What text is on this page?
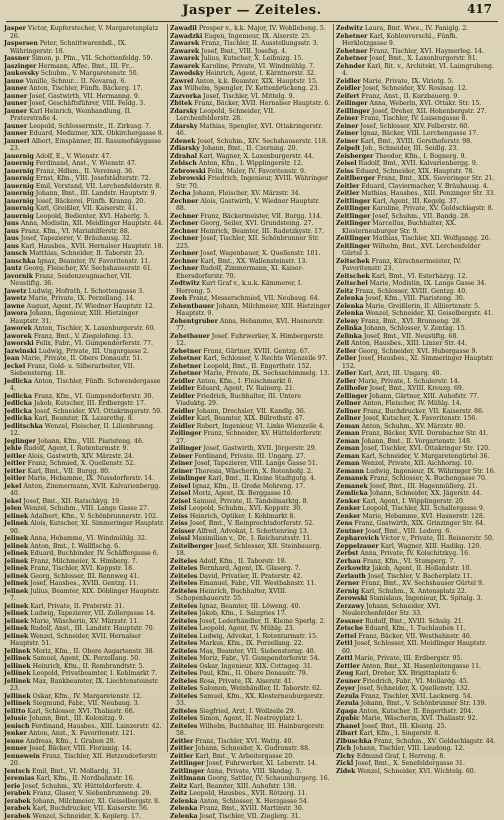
Jasper — Zeiteles.	417
Jasper Victor, Kupferstecher, V. Margaretenplatz 26.
Jaspersen Peter, Schnittwarenhdl., IX. Währingerstr. 18.
Jassner Simon, p. Pfm., VII. Schottenfeldg. 59.
Jaszinger Hermann, Affec. Bmt., III. Fr...
Jaukovsky Schuhm., V. Margaretenstr. 50.
Jaune Vanille, Schnur... II. Novarag. 6.
Jauner Anton, Tischler, Fünfh. Bäckerg. 17.
Jauner Josef, Gastwirth, VII. Hermanng. 9.
Jauner Josef, Geschäftsführer, VIII. Feldg. 3.
Jauner Karl Heinrich, Weinhandlung, II. Praterstraße 4.
Jauner Leopold, Schlossermstr., II. Zirkusg. 7.
Jauner Eduard, Mediziner, XIX. Obkirchergasse 8.
Jaunerl Albert, Einspänner, III. Rasumofskygasse 23.
Jauernig Adolf, E., V. Wienstr. 47.
Jauernig Ferdinand, Anst., V. Wienstr. 47.
Jauernig Franz, Hdlsm., II. Vereinsg. 36.
Jauernig Ernst, Kfm., VIII. Josefstädterstr. 72.
Jauernig Emil, Vorstand, VII. Lerchenfelderstr. 8.
Jauernig Johann, Bmt., III. Landstr. Hauptstr. 9.
Jauernig Josef, Bäckerei, Fünfh. Kranzg. 20.
Jauernig Karl, Greißler, VII. Kaiserstr. 41.
Jauernig Leopold, Bedienter, XVI. Haberlg. 5.
Jaus Anna, Modistin, XII. Meidlinger Hauptstr. 44.
Jaus Franz, Kfm., VI. Mariahilferstr. 88.
Jaus Josef, Tapezierer, V. Bräuhausg. 32.
Jaus Karl, Hausbes., XVII. Hernalser Hauptstr. 18.
Jausch Matthias, Schneider, II. Taborstr. 25.
Jauschka Ignaz, Beamter, IV. Favoritenstr. 11.
Jautz Georg, Fleischer, XV. Sechshauserstr. 61.
Javornik Franz, Seidenzeugmacher, VII. Neustiftg. 36.
Jawetz Ludwig, Hofrath, I. Schottengasse 3.
Jawetz Marie, Private, IX. Porzellang. 14.
Jawne August, Agent, IV. Wiedner Hauptstr. 12.
Jawora Johann, Ingenieur, XIII. Hietzinger Hauptstr. 31.
Jaworek Anton, Tischler, X. Laxenburgerstr. 60.
Jaworek Franz, Bmt., V. Ziegelofeng. 13.
Jaworski Felix, Fabr., VI. Gumpendorferstr. 77.
Jazwinski Ludwig, Private, III. Ungargasse 2.
Jean Marie, Private, II. Obere Donaustr. 51.
Jeckel Franz, Gold- u. Silberarbeiter, VII. Siebensterng. 18.
Jedlicka Anton, Tischler, Fünfh. Schwendergasse 4.
Jedlicka Franz, Kfm., VI. Gumpendorferstr. 30.
Jedlicka Jakob, Kutscher, III. Erdbergstr. 17.
Jedlicka Josef, Schneider, XVI. Ottakringerstr. 59.
Jedlicka Karl, Beamter, IX. Lazarethg. 8.
Jedlitschka Wenzel, Fleischer, II. Lilienbrunng. 12.
Jeglinger Johann, Kfm., VIII. Piaristeng. 46.
Jehle Rudolf, Agent, I. Rotenturmstr. 9.
Jeitler Alois, Gastwirth, XIV. Märzstr. 24.
Jeitler Franz, Schmied, X. Quellenstr. 52.
Jeitler Karl, Bmt., VII. Burgg. 80.
Jeitler Marie, Hebamme, IX. Nussdorferstr. 14.
Jekel Anton, Zimmermann, XVII. Kalvarienbergg. 40.
Jekel Josef, Bmt., XII. Ratschkyg. 19.
Jelen Wenzel, Schuhm., VIII. Lange Gasse 27.
Jelinek Adalbert, Kfm., V. Schönbrunnerstr. 102.
Jelinek Alois, Kutscher, XI. Simmeringer Hauptstr. 90.
Jelinek Anna, Hebamme, VI. Windmühlg. 32.
Jelinek Anton, Bmt., I. Wallfischg. 6.
Jelinek Eduard, Buchbinder, IV. Schäffergasse 6.
Jelinek Franz, Milchmeier, X. Himberg. 7.
Jelinek Franz, Tischler, XVI. Koppstr. 18.
Jelinek Georg, Schlosser, III. Rennweg 41.
Jelinek Josef, Hausbes., XVIII. Gentzg. 11.
Jelinek Julius, Beamter, XIX. Döblinger Hauptstr. 7.
Jelinek Karl, Private, II. Praterstr. 31.
Jelinek Ludwig, Tapezierer, VII. Zollergasse 14.
Jelinek Marie, Wäscherin, XV. Märzstr. 11.
Jelinek Rudolf, Anst., III. Landstr. Hauptstr. 70.
Jelinek Wenzel, Schneider, XVII. Hernalser Hauptstr. 51.
Jellinek Moriz, Kfm., II. Obere Augartenstr. 38.
Jellinek Samuel, Agent, IX. Porzellang. 50.
Jellinek Heinrich, Kfm., II. Rembrandtstr. 5.
Jellinek Leopold, Privatbeamter, I. Kohlmarkt 7.
Jellinek Max, Bankbeamter, IX. Liechtensteinstr. 23.
Jellinek Oskar, Kfm., IV. Margaretenstr. 12.
Jellinek Siegmund, Fabr., VII. Neubaug. 3.
Jelitto Karl, Schlosser, XVI. Thaliastr. 66.
Jelusic Johann, Bmt., III. Kolonitzg. 9.
Jenisch Ferdinand, Hausbes., XIII. Lainzerstr. 42.
Jenker Anton, Anst., X. Favoritenstr. 121.
Jenne Andreas, Kfm., I. Graben 28.
Jenner Josef, Bäcker, VIII. Florianig. 14.
Jennewein Franz, Tischler, XII. Hetzendorferstr. 20.
Jentsch Emil, Bmt., VI. Mollardg. 31.
Jeremias Karl, Kfm., II. Nordbahnstr. 16.
Jerie Josef, Schuhm., XV. Hütteldorferstr. 4.
Jerabek Franz, Glaser, V. Siebenbrunneng. 29.
Jerabek Johann, Milchmeier, XI. Geiselbergstr. 8.
Jerabek Karl, Buchdrucker, VII. Kaiserstr. 56.
Jerabek Wenzel, Schneider, X. Keplerg. 17.
Zawadil Prosper v., k.k. Major, IV. Wohllebeng. 5.
Zawadzki Eugen, Ingenieur, IX. Alserstr. 25.
Zawarek Franz, Tischler, II. Ausstellungsstr. 3.
Zawarek Josef, Bmt., VIII. Josefsg. 4.
Zawarek Julius, Kutscher, X. Leibnizg. 15.
Zawarek Karoline, Private, VI. Windmühlg. 7.
Zawodsky Heinrich, Agent, I. Kärntnerstr. 32.
Zawrel Anton, k.k. Beamter, XIX. Hauptstr. 15.
Zax Wilhelm, Spengler, IV. Kettenbrückeng. 23.
Zazvorka Josef, Tischler, VI. Mittelg. 9.
Zbitek Franz, Bäcker, XVII. Hernalser Hauptstr. 6.
Zdarsky Leopold, Schneider, VII. Lerchenfelderstr. 28.
Zdarsky Mathias, Spengler, XVI. Ottakringerstr. 46.
Zdenek Josef, Schuhm., XIV. Sechshauserstr. 118.
Zdiarsky Johann, Bmt., II. Czerning. 20.
Zdrahal Karl, Wagner, X. Laxenburgerstr. 44.
Zebisch Anton, Kfm., I. Wipplingerstr. 12.
Zebrowski Felix, Maler, IV. Favoritenstr. 9.
Zebrowski Friedrich, Ingenieur, XVIII. Währinger Str. 70.
Zecha Johann, Fleischer, XV. Märzstr. 34.
Zechner Alois, Gastwirth, V. Wiedner Hauptstr. 88.
Zechner Franz, Bäckermeister, VII. Burgg. 114.
Zechner Georg, Seiler, XVI. Grundsteing. 27.
Zechner Heinrich, Beamter, III. Radetzkystr. 17.
Zechner Josef, Tischler, XII. Schönbrunner Str. 225.
Zechner Josef, Wagenbauer, X. Quellenstr. 101.
Zechner Karl, Bmt., XX. Wallensteinstr. 13.
Zechner Rudolf, Zimmermann, XI. Kaiser-Ebersdorferstr. 70.
Zedtwitz Kurt Graf v., k.u.k. Kämmerer, I. Herreng. 5.
Zeeh Franz, Messerschmied, VII. Neubaug. 64.
Zehentbauer Johann, Milchmeier, XIII. Hietzinger Hauptstr. 9.
Zehentgruber Anna, Hebamme, XVI. Hasnerstr. 77.
Zehetbauer Josef, Fuhrwerker, X. Himbergerstr. 12.
Zehetner Franz, Gärtner, XVIII. Gentzg. 67.
Zehetner Karl, Schlosser, V. Rechte Wienzeile 97.
Zehetner Leopold, Bmt., II. Engerthstr. 152.
Zehetner Marie, Private, IX. Sechsschimmelg. 13.
Zeidler Anton, Kfm., I. Fleischmarkt 6.
Zeidler Eduard, Agent, IV. Rainerg. 21.
Zeidler Friedrich, Buchhalter, III. Untere Viaduktg. 29.
Zeidler Johann, Drechsler, VII. Kandlg. 36.
Zeidler Karl, Beamter, XIX. Billrothstr. 47.
Zeidler Robert, Ingenieur, VI. Linke Wienzeile 4.
Zeilinger Franz, Schneider, XV. Hütteldorferstr. 27.
Zeilinger Josef, Gastwirth, XVII. Jörgerstr. 29.
Zeiner Ferdinand, Private, III. Ungarg. 27.
Zeiner Josef, Tapezierer, VIII. Lange Gasse 51.
Zeiner Theresia, Wäscherin, X. Rotenhofg. 2.
Zeinlinger Karl, Bmt., II. Kleine Stadtgutg. 4.
Zeisel Ignaz, Kfm., II. Große Mohreng. 17.
Zeisel Moriz, Agent, IX. Berggasse 10.
Zeisel Samuel, Private, II. Tandelmarktg. 8.
Zeisl Leopold, Schuhm., XVI. Koppstr. 30.
Zeiss Heinrich, Optiker, I. Kohlmarkt 8.
Zeiss Josef, Bmt., V. Reinprechtsdorferstr. 52.
Zeisser Alfred, Advokat, I. Schottenring 13.
Zeissl Maximilian v., Dr., I. Reichsratsstr. 11.
Zeitelberger Josef, Schlosser, XII. Steinbauerg. 18.
Zeiteles Adolf, Kfm., II. Taborstr. 18.
Zeiteles Bernhard, Agent, IX. Glaserg. 7.
Zeiteles David, Privatier, II. Praterstr. 42.
Zeiteles Emanuel, Fabr., VII. Westbahnstr. 11.
Zeiteles Heinrich, Buchhalter, XVIII. Schopenhauerstr. 55.
Zeiteles Ignaz, Beamter, III. Löweng. 40.
Zeiteles Jakob, Kfm., I. Salzgries 17.
Zeiteles Josef, Lederhändler, II. Kleine Sperlg. 2.
Zeiteles Leopold, Agent, IV. Mühlg. 23.
Zeiteles Ludwig, Advokat, I. Rotenturmstr. 15.
Zeiteles Markus, Kfm., IX. Porzellang. 22.
Zeiteles Max, Beamter, VII. Siebensterng. 40.
Zeiteles Moriz, Fabr., VI. Gumpendorferstr. 54.
Zeiteles Oskar, Ingenieur, XIX. Cottageg. 31.
Zeiteles Paul, Kfm., II. Obere Donaustr. 79.
Zeiteles Rosa, Private, IX. Alserstr. 41.
Zeiteles Salomon, Weinhändler, II. Taborstr. 62.
Zeiteles Samuel, Kfm., XX. Klosterneuburgerstr. 33.
Zeiteles Siegfried, Arzt, I. Wollzeile 29.
Zeiteles Simon, Agent, II. Nestroyplatz 1.
Zeiteles Wilhelm, Buchhalter, III. Hainburgerstr. 58.
Zeitler Franz, Tischler, XVI. Wattg. 40.
Zeitler Johann, Schneider, X. Gudrunstr. 88.
Zeitler Karl, Bmt., V. Arbeitergasse 20.
Zeitlinger Josef, Fuhrwerker, XI. Leberstr. 14.
Zeitlinger Anna, Private, VIII. Skodag. 5.
Zeitlmann Georg, Sattler, IV. Schaumburgerg. 16.
Zeitz Karl, Beamter, XIII. Auhofstr. 138.
Zeitz Leopold, Hausbes., XVII. Rötzerg. 11.
Zelenka Anton, Schlosser, X. Herzgasse 54.
Zelenka Franz, Bmt., XVIII. Martinstr. 30.
Zelenka Josef, Tischler, VII. Zieglerg. 31.
Zedwitz Laura, Bmt. Wwe., IV. Paniglg. 2.
Zehetner Karl, Kohlenverschl., Fünfh. Herklotzgasse 9.
Zehetner Franz, Tischler, XVI. Haymerleg. 14.
Zehetner Josef, Bmt., X. Laxenburgerstr. 81.
Zehnder Karl, Rit. v., Architekt, VI. Laimgrubeng. 4.
Zeidler Marie, Private, IX. Viriotg. 5.
Zeidler Josef, Schneider, XV. Rosinag. 12.
Zeifert Franz, Anst., II. Kurzbauerg. 9.
Zeilinger Anna, Weberin, XVI. Ottakr. Str. 15.
Zeillinger Josef, Dreher, XII. Hohenbergstr. 27.
Zeiner Franz, Tischler, IV. Luisengasse 8.
Zeiner Josef, Schlosser, XIV. Felberstr. 60.
Zeiner Ignaz, Bäcker, VIII. Lerchengasse 17.
Zeiner Karl, Bmt., XVIII. Gersthoferstr. 98.
Zeipelt Joh., Schneider, III. Seidlg. 23.
Zeisberger Theodor, Kfm., I. Bognerg. 9.
Zeisel Rudolf, Bmt., XVII. Kalvarienbergg. 9.
Zeiss Eduard, Schneider, XIX. Hauptstr. 78.
Zeitlberger Franz, Bmt., XIX. Sieveringer Str. 21.
Zeitler Eduard, Claviermacher, V. Bräuhausg. 4.
Zeitler Mathias, Hausbes., XIII. Penzinger Str. 33.
Zeitlinger Karl, Agent, III. Kegelg. 37.
Zeitlinger Karoline, Private, XV. Goldschlagstr. 8.
Zeitlinger Josef, Schuhm., VII. Bandg. 28.
Zeitlinger Marcellus, Buchhalter, XX. Klosterneuburger Str. 9.
Zeitlinger Mathias, Tischler, XII. Wolfgangg. 26.
Zeitlinger Wilhelm, Bmt., XVI. Lerchenfelder Gürtel 3.
Zeitschek Franz, Kürschnermeister, IV. Favoritenstr. 23.
Zeitschek Karl, Bmt., VI. Esterházyg. 12.
Zeitschel Marie, Modistin, IX. Lange Gasse 34.
Zeitz Franz, Schlosser, XVIII. Gentzg. 40.
Zelenka Josef, Kfm., VIII. Piaristeng. 30.
Zelenka Marie, Greißlerin, II. Alliiertenstr. 5.
Zelenka Wenzel, Schneider, XI. Geiselbergstr. 41.
Zeleny Franz, Bmt., XVI. Brunneng. 28.
Zelinka Johann, Schlosser, V. Zentag. 15.
Zelinka Josef, Bmt., VII. Neustiftg. 68.
Zell Anton, Hausbes., XIII. Linzer Str. 44.
Zeller Georg, Schneider, XVI. Hubergasse 9.
Zeller Josef, Hausbes., XI. Simmeringer Hauptstr. 152.
Zeller Karl, Arzt, III. Ungarg. 40.
Zeller Marie, Private, I. Schulerstr. 14.
Zellhofer Josef, Bmt., XVIII. Kreuzg. 69.
Zellinger Johann, Gärtner, XIII. Auhofstr. 77.
Zellner Anton, Fleischer, IV. Mühlg. 14.
Zellner Franz, Buchdrucker, VII. Kaiserstr. 86.
Zellner Josef, Kutscher, X. Favoritenstr. 156.
Zeman Anton, Schuhm., XV. Märzstr. 80.
Zeman Franz, Bäcker, XVII. Dornbacher Str. 41.
Zeman Johann, Bmt., II. Vorgartenstr. 148.
Zeman Josef, Tischler, XVI. Ottakringer Str. 120.
Zeman Karl, Schneider, V. Margaretengürtel 36.
Zeman Wenzel, Private, XII. Aichhorng. 10.
Zemann Ludwig, Ingenieur, IX. Währinger Str. 16.
Zemanek Franz, Schlosser, X. Buchengasse 70.
Zemanek Josef, Bmt., III. Hagenmüllerg. 21.
Zemlicka Johann, Schneider, XX. Jägerstr. 44.
Zenker Karl, Agent, I. Wipplingerstr. 20.
Zenker Leopold, Tischler, XII. Schallergasse 9.
Zenker Marie, Hebamme, XVI. Hasnerstr. 128.
Zens Franz, Gastwirth, XIX. Grinzinger Str. 64.
Zentner Josef, Bmt., VIII. Lederg. 6.
Zepharovich Victor v., Private, III. Reisnerstr. 50.
Zeppelzauer Karl, Wagner, XIII. Hadikg. 120.
Zerbst Anna, Private, IV. Kolschitzkyg. 16.
Zerhau Franz, Kfm., VI. Stumperg. 7.
Zerkowitz Jakob, Agent, II. Hollandstr. 10.
Zerlauth Josef, Tischler, V. Bacherplatz 11.
Zerner Franz, Bmt., XV. Sechshauser Gürtel 9.
Zernig Karl, Schuhm., X. Antonsplatz 22.
Zerowski Stanislaus, Ingenieur, IX. Spitalg. 3.
Zerzawy Johann, Schneider, XVI. Neulerchenfelder Str. 33.
Zessner Rudolf, Bmt., XVIII. Schulg. 21.
Zetsche Eduard, Kfm., I. Tuchlauben 11.
Zettel Franz, Bäcker, VII. Westbahnstr. 40.
Zettl Josef, Schlosser, XII. Meidlinger Hauptstr. 60.
Zettl Marie, Private, III. Erdbergstr. 95.
Zettler Anton, Bmt., XI. Hasenleitengasse 11.
Zeug Karl, Dreher, XX. Brigittaplatz 6.
Zeuner Friedrich, Fabr., VI. Mollardg. 45.
Zeyer Josef, Schneider, X. Quellenstr. 132.
Zezula Franz, Tischler, XVII. Lacknerg. 54.
Zezula Johann, Bmt., V. Schönbrunner Str. 139.
Zgaga Anton, Kutscher, II. Engerthstr. 204.
Zgubic Marie, Wäscherin, XVI. Thaliastr. 92.
Zhanel Josef, Bmt., III. Kleistg. 25.
Zibart Karl, Kfm., I. Singerstr. 8.
Zibuschka Franz, Schuhm., XV. Goldschlagstr. 44.
Zich Johann, Tischler, VIII. Laudong. 12.
Zichy Edmund Graf, I. Herreng. 8.
Zickl Josef, Bmt., X. Senefeldergasse 31.
Zidek Wenzel, Schneider, XVI. Wichtelg. 60.
